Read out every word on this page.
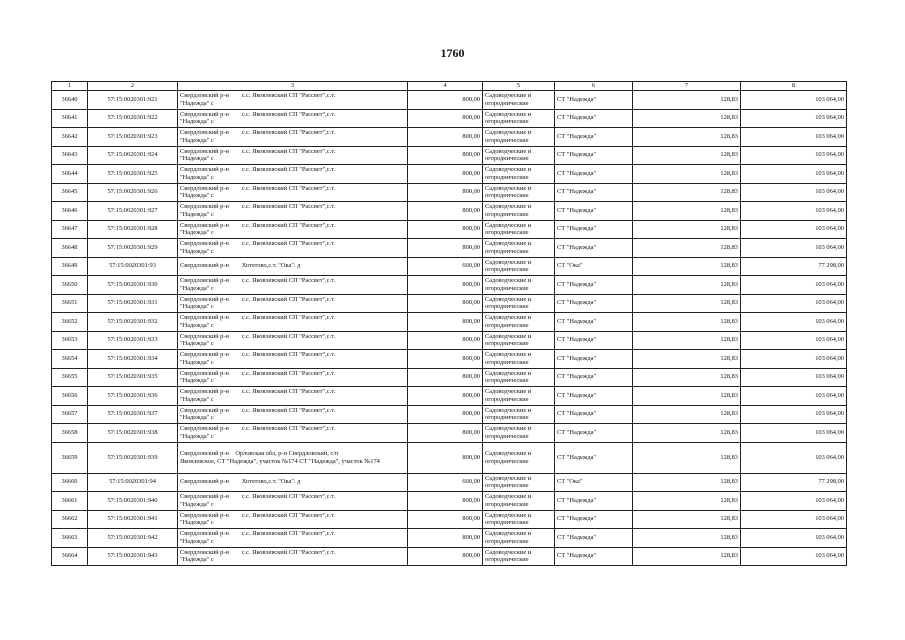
1760
1	2	3	4	5	6	7	8
36640	57:15:0020301:921	Свердловский р-н        с.с. Яковлевский СП "Рассвет",с.т.
"Надежда" с	800,00	Садоводческие и огороднические	СТ "Надежда"	128,83	103 064,00
36641	57:15:0020301:922	Свердловский р-н        с.с. Яковлевский СП "Рассвет",с.т.
"Надежда" с	800,00	Садоводческие и огороднические	СТ "Надежда"	128,83	103 064,00
36642	57:15:0020301:923	Свердловский р-н        с.с. Яковлевский СП "Рассвет",с.т.
"Надежда" с	800,00	Садоводческие и огороднические	СТ "Надежда"	128,83	103 064,00
36643	57:15:0020301:924	Свердловский р-н        с.с. Яковлевский СП "Рассвет",с.т.
"Надежда" с	800,00	Садоводческие и огороднические	СТ "Надежда"	128,83	103 064,00
36644	57:15:0020301:925	Свердловский р-н        с.с. Яковлевский СП "Рассвет",с.т.
"Надежда" с	800,00	Садоводческие и огороднические	СТ "Надежда"	128,83	103 064,00
36645	57:15:0020301:926	Свердловский р-н        с.с. Яковлевский СП "Рассвет",с.т.
"Надежда" с	800,00	Садоводческие и огороднические	СТ "Надежда"	128,83	103 064,00
36646	57:15:0020301:927	Свердловский р-н        с.с. Яковлевский СП "Рассвет",с.т.
"Надежда" с	800,00	Садоводческие и огороднические	СТ "Надежда"	128,83	103 064,00
36647	57:15:0020301:928	Свердловский р-н        с.с. Яковлевский СП "Рассвет",с.т.
"Надежда" с	800,00	Садоводческие и огороднические	СТ "Надежда"	128,83	103 064,00
36648	57:15:0020301:929	Свердловский р-н        с.с. Яковлевский СП "Рассвет",с.т.
"Надежда" с	800,00	Садоводческие и огороднические	СТ "Надежда"	128,83	103 064,00
36649	57:15:0020301:93	Свердловский р-н        Хотетово,с.т. "Ока". д	600,00	Садоводческие и огороднические	СТ "Ока"	128,83	77 298,00
36650	57:15:0020301:930	Свердловский р-н        с.с. Яковлевский СП "Рассвет",с.т.
"Надежда" с	800,00	Садоводческие и огороднические	СТ "Надежда"	128,83	103 064,00
36651	57:15:0020301:931	Свердловский р-н        с.с. Яковлевский СП "Рассвет",с.т.
"Надежда" с	800,00	Садоводческие и огороднические	СТ "Надежда"	128,83	103 064,00
36652	57:15:0020301:932	Свердловский р-н        с.с. Яковлевский СП "Рассвет",с.т.
"Надежда" с	800,00	Садоводческие и огороднические	СТ "Надежда"	128,83	103 064,00
36653	57:15:0020301:933	Свердловский р-н        с.с. Яковлевский СП "Рассвет",с.т.
"Надежда" с	800,00	Садоводческие и огороднические	СТ "Надежда"	128,83	103 064,00
36654	57:15:0020301:934	Свердловский р-н        с.с. Яковлевский СП "Рассвет",с.т.
"Надежда" с	800,00	Садоводческие и огороднические	СТ "Надежда"	128,83	103 064,00
36655	57:15:0020301:935	Свердловский р-н        с.с. Яковлевский СП "Рассвет",с.т.
"Надежда" с	800,00	Садоводческие и огороднические	СТ "Надежда"	128,83	103 064,00
36656	57:15:0020301:936	Свердловский р-н        с.с. Яковлевский СП "Рассвет",с.т.
"Надежда" с	800,00	Садоводческие и огороднические	СТ "Надежда"	128,83	103 064,00
36657	57:15:0020301:937	Свердловский р-н        с.с. Яковлевский СП "Рассвет",с.т.
"Надежда" с	800,00	Садоводческие и огороднические	СТ "Надежда"	128,83	103 064,00
36658	57:15:0020301:938	Свердловский р-н        с.с. Яковлевский СП "Рассвет",с.т.
"Надежда" с	800,00	Садоводческие и огороднические	СТ "Надежда"	128,83	103 064,00
36659	57:15:0020301:939	Свердловский р-н    Орловская обл, р-н Свердловский, с/п
Яковлевское, СТ "Надежда", участок №174 СТ "Надежда", участок №174	800,00	Садоводческие и огороднические	СТ "Надежда"	128,83	103 064,00
36660	57:15:0020301:94	Свердловский р-н        Хотетово,с.т. "Ока". д	600,00	Садоводческие и огороднические	СТ "Ока"	128,83	77 298,00
36661	57:15:0020301:940	Свердловский р-н        с.с. Яковлевский СП "Рассвет",с.т.
"Надежда" с	800,00	Садоводческие и огороднические	СТ "Надежда"	128,83	103 064,00
36662	57:15:0020301:941	Свердловский р-н        с.с. Яковлевский СП "Рассвет",с.т.
"Надежда" с	800,00	Садоводческие и огороднические	СТ "Надежда"	128,83	103 064,00
36663	57:15:0020301:942	Свердловский р-н        с.с. Яковлевский СП "Рассвет",с.т.
"Надежда" с	800,00	Садоводческие и огороднические	СТ "Надежда"	128,83	103 064,00
36664	57:15:0020301:943	Свердловский р-н        с.с. Яковлевский СП "Рассвет",с.т.
"Надежда" с	800,00	Садоводческие и огороднические	СТ "Надежда"	128,83	103 064,00
